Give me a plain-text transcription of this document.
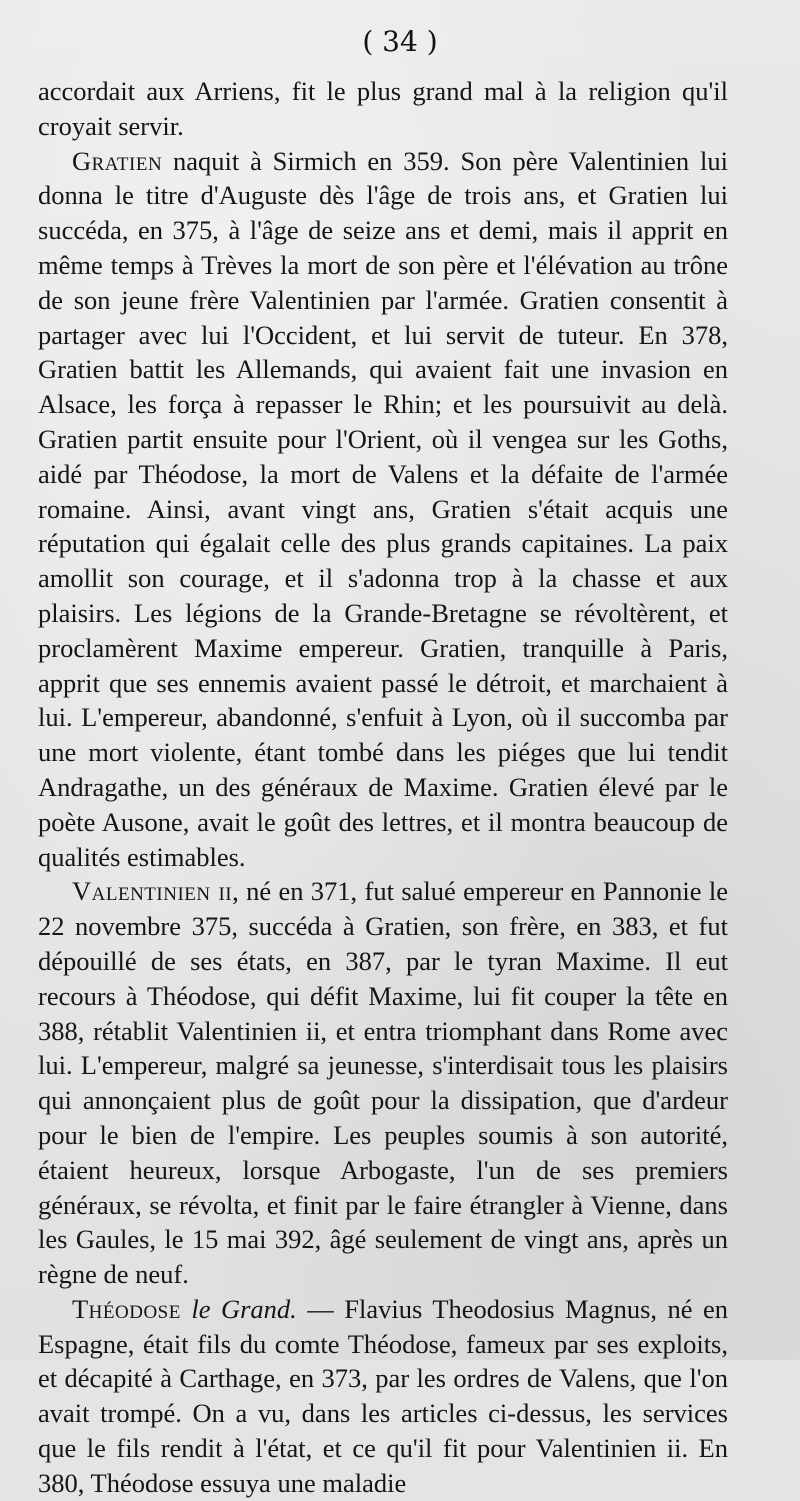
( 34 )

accordait aux Arriens, fit le plus grand mal à la religion qu'il croyait servir.

Gratien naquit à Sirmich en 359. Son père Valentinien lui donna le titre d'Auguste dès l'âge de trois ans, et Gratien lui succéda, en 375, à l'âge de seize ans et demi, mais il apprit en même temps à Trèves la mort de son père et l'élévation au trône de son jeune frère Valentinien par l'armée. Gratien consentit à partager avec lui l'Occident, et lui servit de tuteur. En 378, Gratien battit les Allemands, qui avaient fait une invasion en Alsace, les força à repasser le Rhin; et les poursuivit au delà. Gratien partit ensuite pour l'Orient, où il vengea sur les Goths, aidé par Théodose, la mort de Valens et la défaite de l'armée romaine. Ainsi, avant vingt ans, Gratien s'était acquis une réputation qui égalait celle des plus grands capitaines. La paix amollit son courage, et il s'adonna trop à la chasse et aux plaisirs. Les légions de la Grande-Bretagne se révoltèrent, et proclamèrent Maxime empereur. Gratien, tranquille à Paris, apprit que ses ennemis avaient passé le détroit, et marchaient à lui. L'empereur, abandonné, s'enfuit à Lyon, où il succomba par une mort violente, étant tombé dans les piéges que lui tendit Andragathe, un des généraux de Maxime. Gratien élevé par le poète Ausone, avait le goût des lettres, et il montra beaucoup de qualités estimables.

Valentinien ii, né en 371, fut salué empereur en Pannonie le 22 novembre 375, succéda à Gratien, son frère, en 383, et fut dépouillé de ses états, en 387, par le tyran Maxime. Il eut recours à Théodose, qui défit Maxime, lui fit couper la tête en 388, rétablit Valentinien ii, et entra triomphant dans Rome avec lui. L'empereur, malgré sa jeunesse, s'interdisait tous les plaisirs qui annonçaient plus de goût pour la dissipation, que d'ardeur pour le bien de l'empire. Les peuples soumis à son autorité, étaient heureux, lorsque Arbogaste, l'un de ses premiers généraux, se révolta, et finit par le faire étrangler à Vienne, dans les Gaules, le 15 mai 392, âgé seulement de vingt ans, après un règne de neuf.

Théodose le Grand. — Flavius Theodosius Magnus, né en Espagne, était fils du comte Théodose, fameux par ses exploits, et décapité à Carthage, en 373, par les ordres de Valens, que l'on avait trompé. On a vu, dans les articles ci-dessus, les services que le fils rendit à l'état, et ce qu'il fit pour Valentinien ii. En 380, Théodose essuya une maladie
